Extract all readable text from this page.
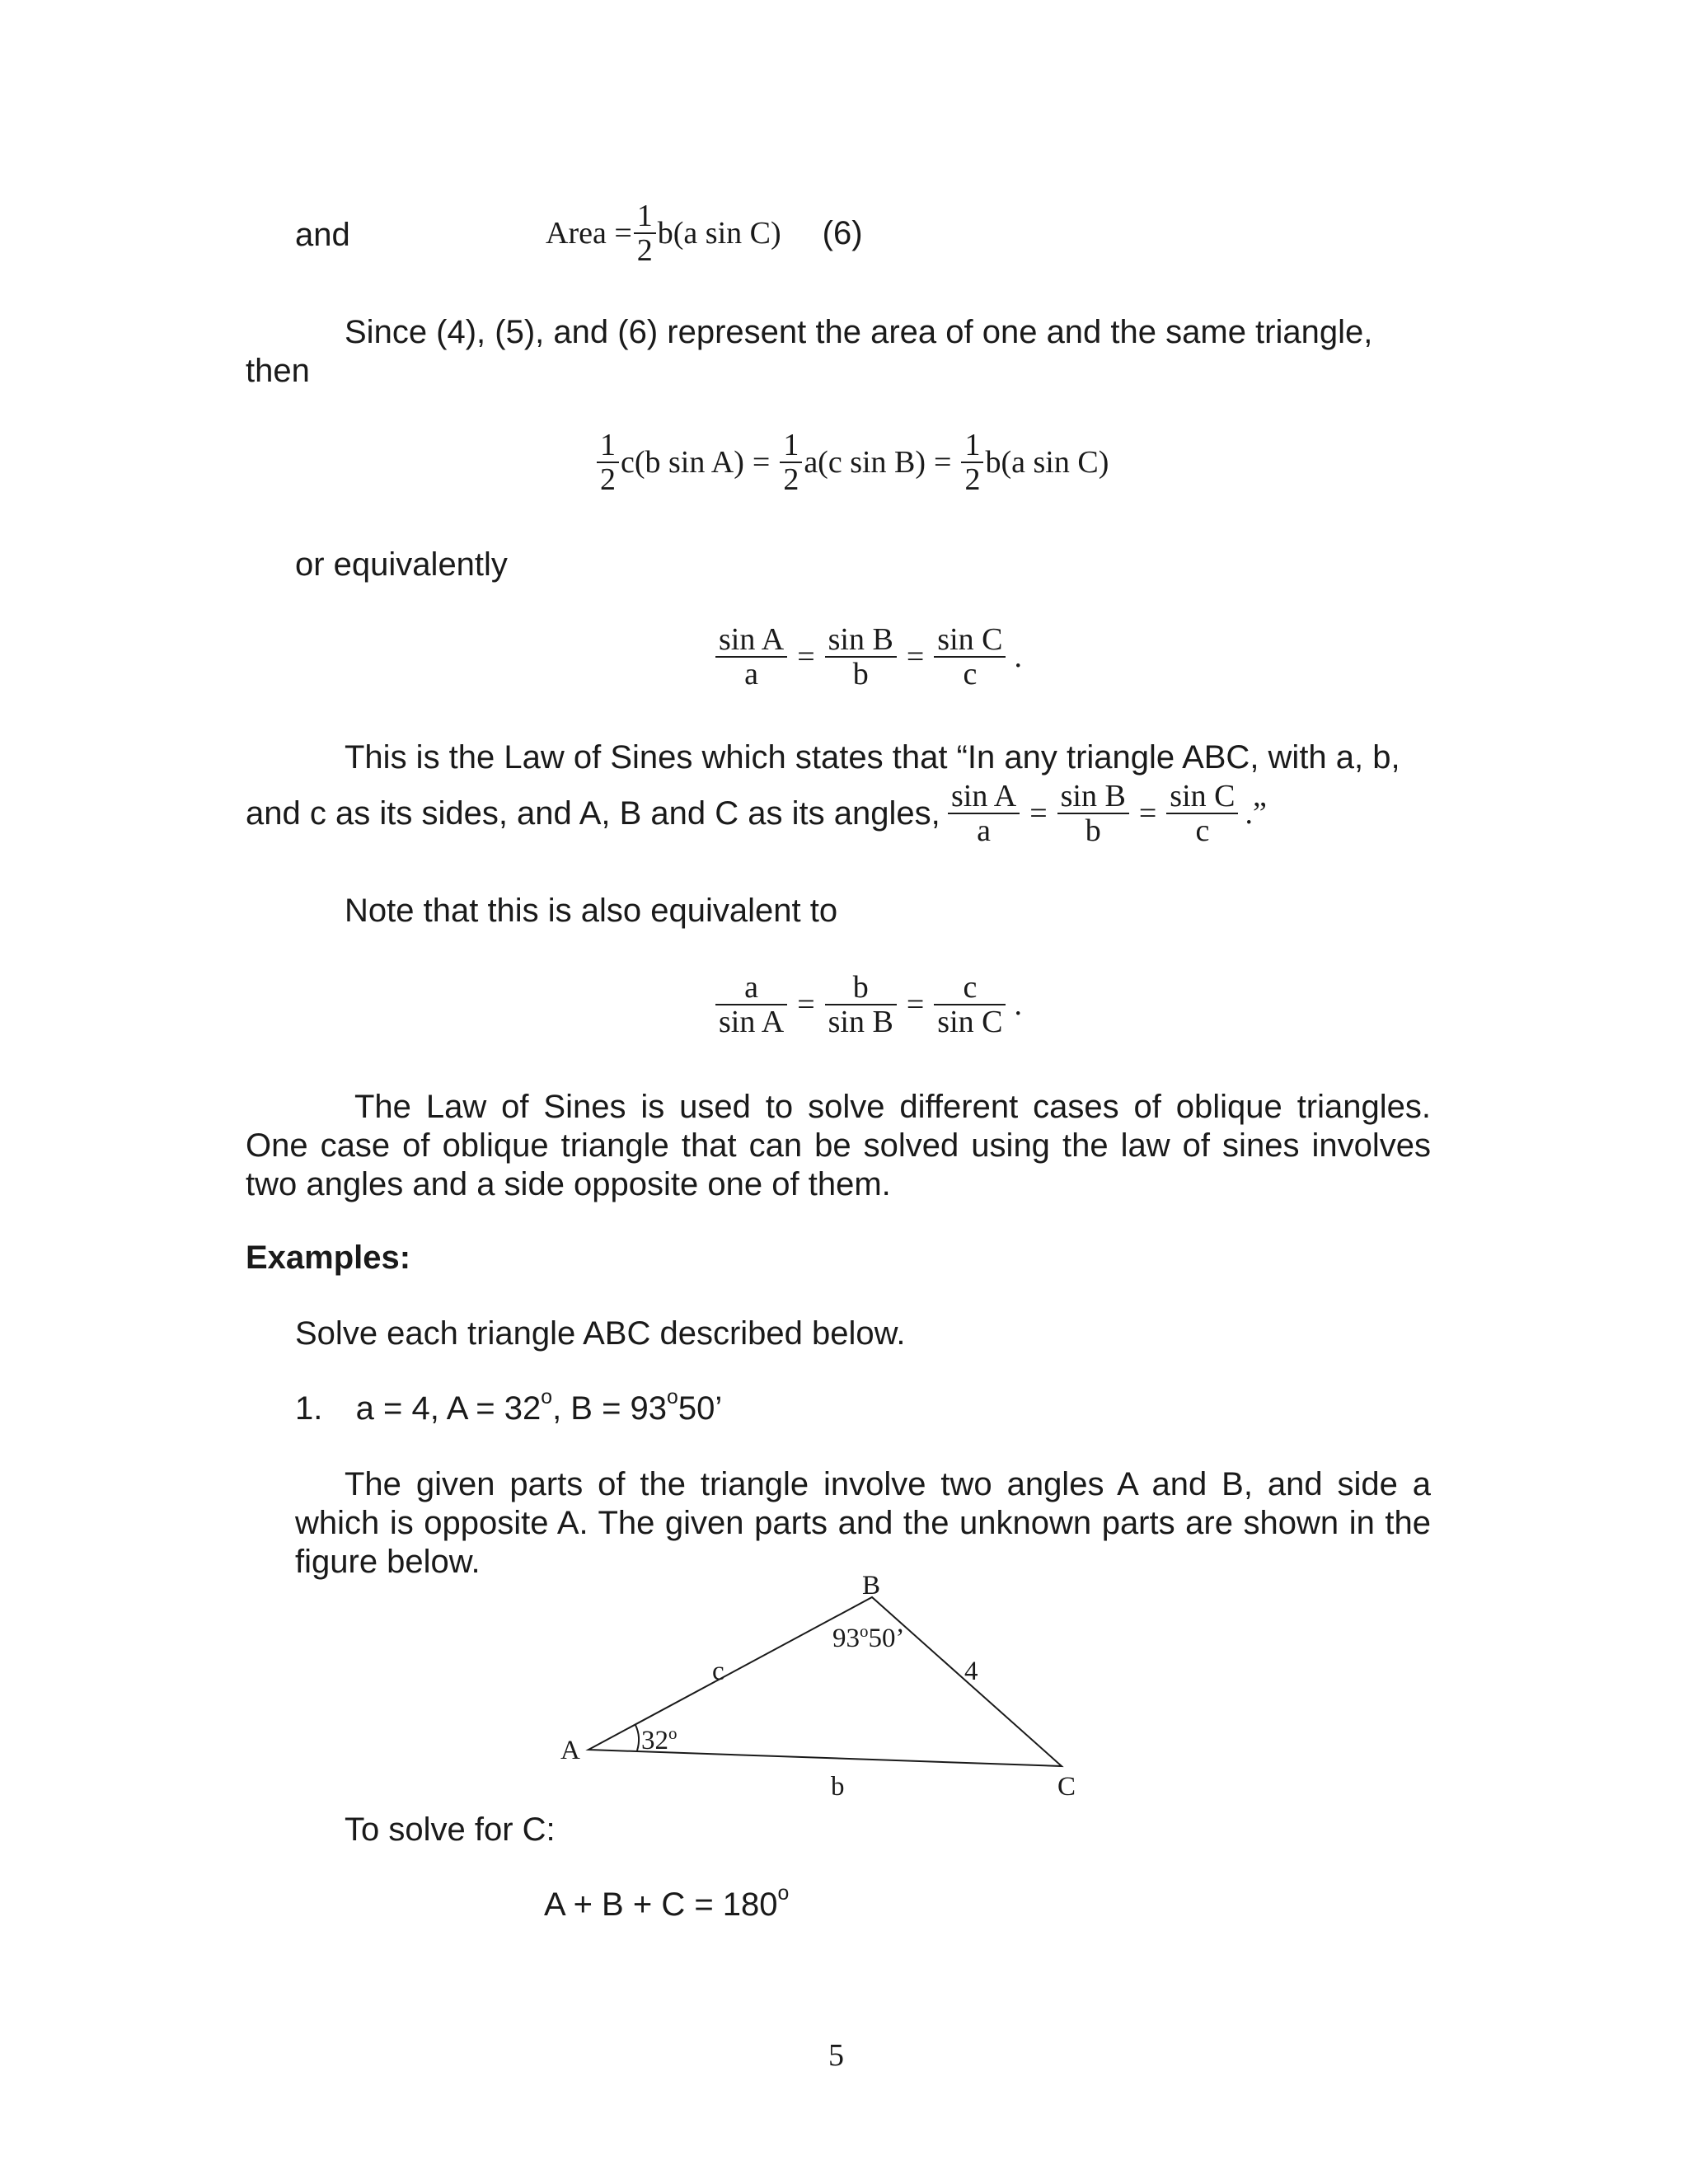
and	Area = $\frac{1}{2} b(a$ sin C) (6)
Since (4), (5), and (6) represent the area of one and the same triangle,
then
$\frac{1}{2} c(b$ $\sin A) = \frac{1}{2} a(c$ $\sin B) = \frac{1}{2} b(a$ sin C)
or equivalently
$\frac{\text{sin A}}{a} = \frac{\text{sin B}}{b} = \frac{\text{sin C}}{c}$ .
This is the Law of Sines which states that “In any triangle ABC, with a, b,
and c as its sides, and A, B and C as its angles, $\frac{\text{sin A}}{a} = \frac{\text{sin B}}{b} = \frac{\text{sin C}}{c}$ .”
Note that this is also equivalent to
$\frac{a}{\text{sin A}} = \frac{b}{\text{sin B}} = \frac{c}{\text{sin C}}$ .
The Law of Sines is used to solve different cases of oblique triangles. One case of oblique triangle that can be solved using the law of sines involves two angles and a side opposite one of them.
Examples:
Solve each triangle ABC described below.
1. a = 4, $A = 32^o$, $B = 93^o50$’
The given parts of the triangle involve two angles A and B, and side a which is opposite A. The given parts and the unknown parts are shown in the figure below.
A
B
C
c	4
b
32$^o$
93$^o$50’
To solve for C:
$A + B + C = 180^o$
5
